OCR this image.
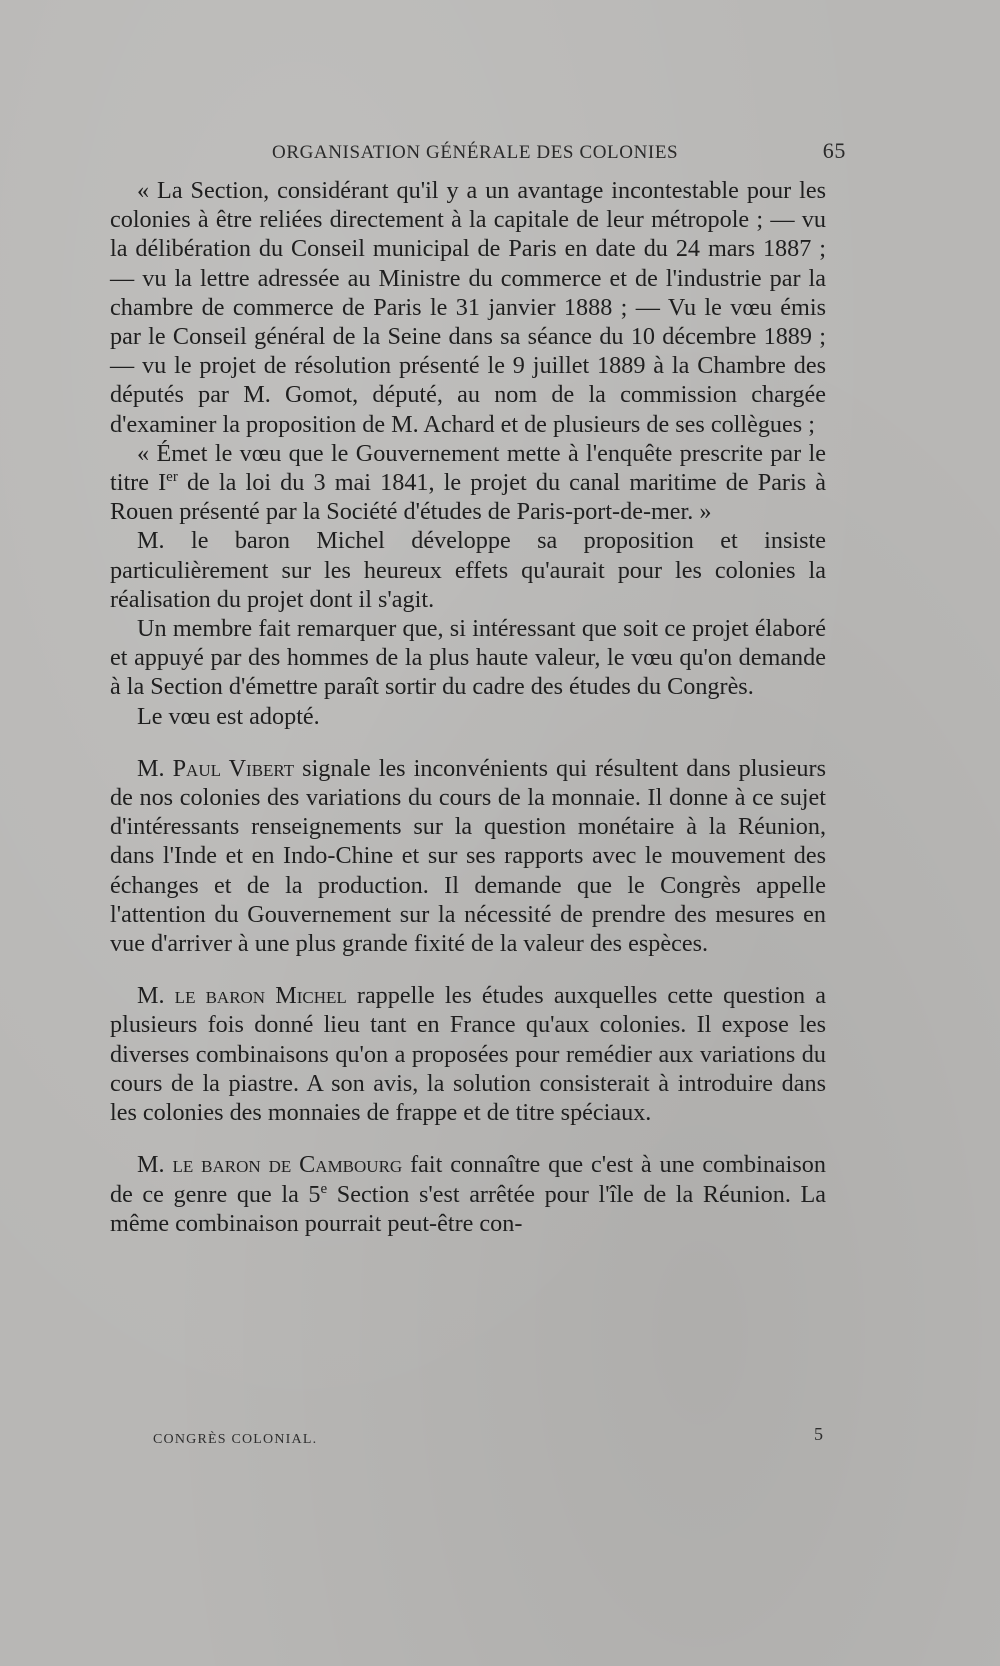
ORGANISATION GÉNÉRALE DES COLONIES	65

« La Section, considérant qu'il y a un avantage incontestable pour les colonies à être reliées directement à la capitale de leur métropole ; — vu la délibération du Conseil municipal de Paris en date du 24 mars 1887 ; — vu la lettre adressée au Ministre du commerce et de l'industrie par la chambre de commerce de Paris le 31 janvier 1888 ; — Vu le vœu émis par le Conseil général de la Seine dans sa séance du 10 décembre 1889 ; — vu le projet de résolution présenté le 9 juillet 1889 à la Chambre des députés par M. Gomot, député, au nom de la commission chargée d'examiner la proposition de M. Achard et de plusieurs de ses collègues ;

« Émet le vœu que le Gouvernement mette à l'enquête prescrite par le titre Ier de la loi du 3 mai 1841, le projet du canal maritime de Paris à Rouen présenté par la Société d'études de Paris-port-de-mer. »

M. le baron Michel développe sa proposition et insiste particulièrement sur les heureux effets qu'aurait pour les colonies la réalisation du projet dont il s'agit.

Un membre fait remarquer que, si intéressant que soit ce projet élaboré et appuyé par des hommes de la plus haute valeur, le vœu qu'on demande à la Section d'émettre paraît sortir du cadre des études du Congrès.

Le vœu est adopté.

M. Paul Vibert signale les inconvénients qui résultent dans plusieurs de nos colonies des variations du cours de la monnaie. Il donne à ce sujet d'intéressants renseignements sur la question monétaire à la Réunion, dans l'Inde et en Indo-Chine et sur ses rapports avec le mouvement des échanges et de la production. Il demande que le Congrès appelle l'attention du Gouvernement sur la nécessité de prendre des mesures en vue d'arriver à une plus grande fixité de la valeur des espèces.

M. le baron Michel rappelle les études auxquelles cette question a plusieurs fois donné lieu tant en France qu'aux colonies. Il expose les diverses combinaisons qu'on a proposées pour remédier aux variations du cours de la piastre. A son avis, la solution consisterait à introduire dans les colonies des monnaies de frappe et de titre spéciaux.

M. le baron de Cambourg fait connaître que c'est à une combinaison de ce genre que la 5e Section s'est arrêtée pour l'île de la Réunion. La même combinaison pourrait peut-être con-

CONGRÈS COLONIAL.	5
